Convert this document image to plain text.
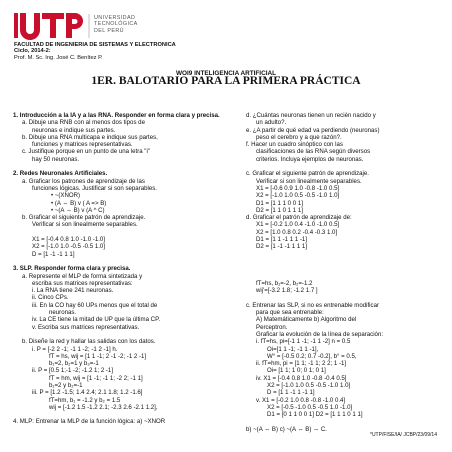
UNIVERSIDAD
TECNOLÓGICA
DEL PERÚ
FACULTAD DE INGENIERIA DE SISTEMAS Y ELECTRONICA
Ciclo, 2014-2:
Prof. M. Sc. Ing. José C. Benítez P.
WOI9 INTELIGENCIA ARTIFICIAL
1ER. BALOTARIO PARA LA PRIMERA PRÁCTICA
1. Introducción a la IA y a las RNA. Responder en forma clara y precisa.
a. Dibuje una RNB con al menos dos tipos de
neuronas e indique sus partes.
b. Dibuje una RNA multicapa e indique sus partes,
funciones y matrices representativas.
c. Justifique porque en un punto de una letra "i"
hay 50 neuronas.
2. Redes Neuronales Artificiales.
a. Graficar los patrones de aprendizaje de las
funciones lógicas. Justificar si son separables.
• ~(XNOR)
• (A ⇔ B) v ( A => B)
• ~(A ⇔ B) v (A ^ C)
b. Graficar el siguiente patrón de aprendizaje.
Verificar si son linealmente separables.
X1 = [-0.4 0.8 1.0 -1.0 -1.0]
X2 = [-1.0 1.0 -0.5 -0.5 1.0]
D = [1 -1 -1 1 1]
3. SLP. Responder forma clara y precisa.
a. Represente el MLP de forma sintetizada y
escriba sus matrices representativas:
i. La RNA tiene 241 neuronas.
ii. Cinco CPs.
iii. En la CO hay 60 UPs menos que el total de
neuronas.
iv. La CE tiene la mitad de UP que la última CP.
v. Escriba sus matrices representativas.
b. Diseñe la red y hallar las salidas con los datos.
i. P = [-2 2 -1; -1 1 -2; -1 2 -1] h.
fT = hs, wij = [1 1 -1; 2 -1 -2; -1 2 -1]
b₁=2, b₂=1 y b₃=-1
ii. P = [0.5 1;-1 -2; -1.2 1; 2 -1]
fT = hm, wij = [1 -1; -1 1; -2 2; -1 1]
b₁=2 y b₂=-1
iii. P = [1.2 -1.5; 1.4 2.4; 2.1 1.8; 1.2 -1.6]
fT=hm, b₁ = -1.2 y b₂ = 1.5
wij = [-1.2 1.5 -1.2 2.1; -2.3 2.6 -2.1 1.2],
4. MLP: Entrenar la MLP de la función lógica: a) ~XNOR
d. ¿Cuántas neuronas tienen un recién nacido y
un adulto?.
e. ¿A partir de qué edad va perdiendo (neuronas)
peso el cerebro y a que razón?.
f. Hacer un cuadro sinóptico con las
clasificaciones de las RNA según diversos
criterios. Incluya ejemplos de neuronas.
c. Graficar el siguiente patrón de aprendizaje.
Verificar si son linealmente separables.
X1 = [-0.6 0.9 1.0 -0.8 -1.0 0.5]
X2 = [-1.0 1.0 0.5 -0.5 -1.0 1.0]
D1 = [1 1 1 0 0 1]
D2 = [1 1 0 1 1 1]
d. Graficar el patrón de aprendizaje de:
X1 = [-0.2 1.0 0.4 -1.0 -1.0 0.5]
X2 = [1.0 0.8 0.2 -0.4 -0.3 1.0]
D1 = [1 1 -1 1 1 -1]
D2 = [1 -1 -1 1 1 1]
fT=hs, b₁=-2, b₂=-1.2
wij'=[-3.2 1.8; -1.2 1.7 ]
c. Entrenar las SLP, si no es entrenable modificar
para que sea entrenable:
A) Matemáticamente b) Algoritmo del
Perceptron.
Graficar la evolución de la línea de separación:
i. fT=hs, pi=[-1 1 -1; -1 1 -2] n = 0.5
Oi=[1 1 -1; -1 1 -1],
W° = [-0.5 0.2; 0.7 -0.2], b° = 0.5,
ii. fT=hm, pi = [1 1; -1 1; 2 2; 1 -1]
Oi= [1 1; 1 0; 0 1; 0 1]
iv. X1 = [-0.4 0.8 1.0 -0.8 -0.4 0.5]
X2 = [-1.0 1.0 0.5 -0.5 -1.0 1.0]
D = [1 1 -1 1 -1 1]
v. X1 = [-0.2 1.0 0.8 -0.8 -1.0 0.4]
X2 = [-0.5 -1.0 0.5 -0.5 1.0 -1.0]
D1 = [0 1 1 0 0 1] D2 = [1 1 1 0 1 1]
b) ~(A ⇔ B) c) ~(A ⇔ B) ⇔ C.
*UTP/FISE/IA/ JCBP/23/09/14
